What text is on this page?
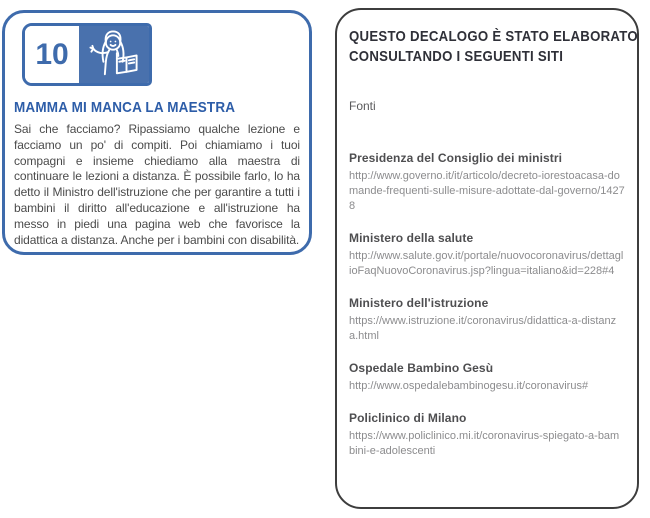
10
MAMMA MI MANCA LA MAESTRA

Sai che facciamo? Ripassiamo qualche lezione e facciamo un po' di compiti. Poi chiamiamo i tuoi compagni e insieme chiediamo alla maestra di continuare le lezioni a distanza. È possibile farlo, lo ha detto il Ministro dell'istruzione che per garantire a tutti i bambini il diritto all'educazione e all'istruzione ha messo in piedi una pagina web che favorisce la didattica a distanza. Anche per i bambini con disabilità.

QUESTO DECALOGO È STATO ELABORATO
CONSULTANDO I SEGUENTI SITI
Fonti
Presidenza del Consiglio dei ministri
http://www.governo.it/it/articolo/decreto-iorestoacasa-domande-frequenti-sulle-misure-adottate-dal-governo/14278
Ministero della salute
http://www.salute.gov.it/portale/nuovocoronavirus/dettaglioFaqNuovoCoronavirus.jsp?lingua=italiano&id=228#4
Ministero dell'istruzione
https://www.istruzione.it/coronavirus/didattica-a-distanza.html
Ospedale Bambino Gesù
http://www.ospedalebambinogesu.it/coronavirus#
Policlinico di Milano
https://www.policlinico.mi.it/coronavirus-spiegato-a-bambini-e-adolescenti
